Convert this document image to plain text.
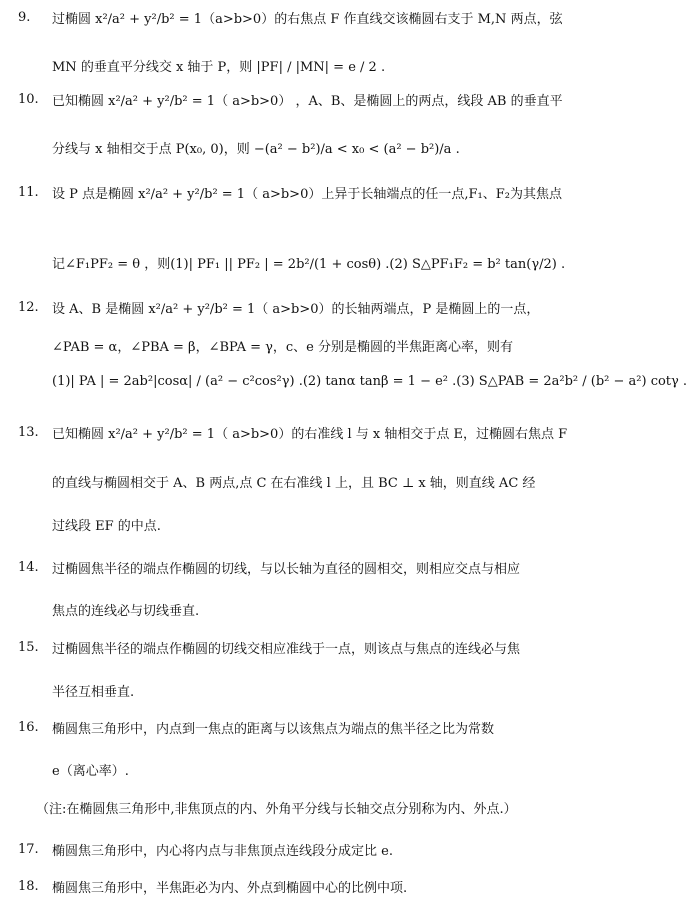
9.	过椭圆 x²/a² + y²/b² = 1（a>b>0）的右焦点 F 作直线交该椭圆右支于 M,N 两点，弦
MN 的垂直平分线交 x 轴于 P，则 |PF| / |MN| = e / 2 .
10.	已知椭圆 x²/a² + y²/b² = 1（ a>b>0） ，A、B、是椭圆上的两点，线段 AB 的垂直平
分线与 x 轴相交于点 P(x₀, 0)，则 −(a² − b²)/a < x₀ < (a² − b²)/a .
11.	设 P 点是椭圆 x²/a² + y²/b² = 1（ a>b>0）上异于长轴端点的任一点,F₁、F₂为其焦点
记∠F₁PF₂ = θ ，则(1)| PF₁ || PF₂ | = 2b²/(1 + cosθ) .(2) S△PF₁F₂ = b² tan(γ/2) .
12.	设 A、B 是椭圆 x²/a² + y²/b² = 1（ a>b>0）的长轴两端点，P 是椭圆上的一点，
∠PAB = α，∠PBA = β，∠BPA = γ，c、e 分别是椭圆的半焦距离心率，则有
(1)| PA | = 2ab²|cosα| / (a² − c²cos²γ) .(2) tanα tanβ = 1 − e² .(3) S△PAB = 2a²b² / (b² − a²) cotγ .
13.	已知椭圆 x²/a² + y²/b² = 1（ a>b>0）的右准线 l 与 x 轴相交于点 E，过椭圆右焦点 F
的直线与椭圆相交于 A、B 两点,点 C 在右准线 l 上，且 BC ⊥ x 轴，则直线 AC 经
过线段 EF 的中点.
14.	过椭圆焦半径的端点作椭圆的切线，与以长轴为直径的圆相交，则相应交点与相应
焦点的连线必与切线垂直.
15.	过椭圆焦半径的端点作椭圆的切线交相应准线于一点，则该点与焦点的连线必与焦
半径互相垂直.
16.	椭圆焦三角形中，内点到一焦点的距离与以该焦点为端点的焦半径之比为常数
e（离心率）.
（注:在椭圆焦三角形中,非焦顶点的内、外角平分线与长轴交点分别称为内、外点.）
17.	椭圆焦三角形中，内心将内点与非焦顶点连线段分成定比 e.
18.	椭圆焦三角形中，半焦距必为内、外点到椭圆中心的比例中项.
